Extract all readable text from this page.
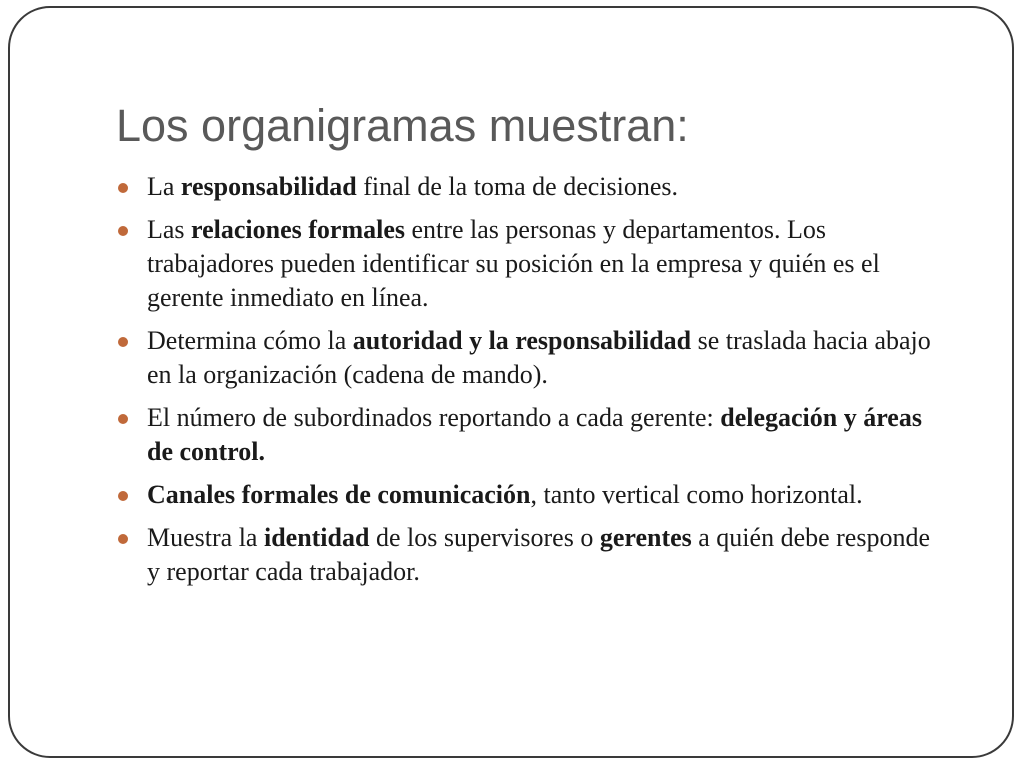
Los organigramas muestran:
La responsabilidad final de la toma de decisiones.
Las relaciones formales entre las personas y departamentos. Los trabajadores pueden identificar su posición en la empresa y quién es el gerente inmediato en línea.
Determina cómo la autoridad y la responsabilidad se traslada hacia abajo en la organización (cadena de mando).
El número de subordinados reportando a cada gerente: delegación y áreas de control.
Canales formales de comunicación, tanto vertical como horizontal.
Muestra la identidad de los supervisores o gerentes a quién debe responde y reportar cada trabajador.
